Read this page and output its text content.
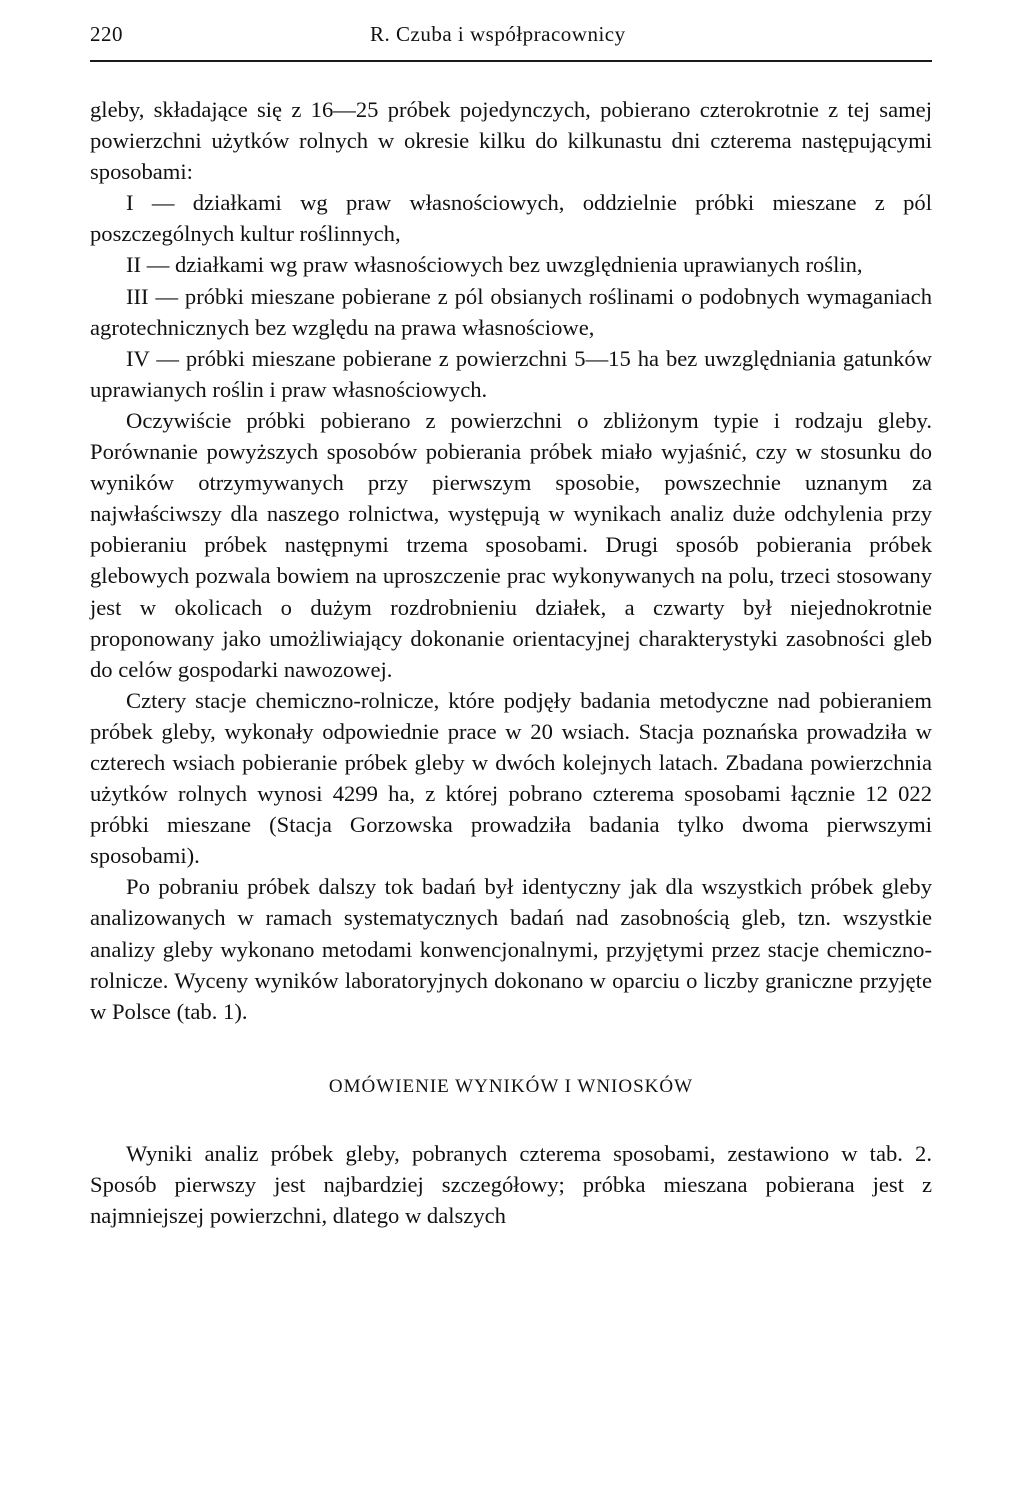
220	R. Czuba i współpracownicy

gleby, składające się z 16—25 próbek pojedynczych, pobierano czterokrotnie z tej samej powierzchni użytków rolnych w okresie kilku do kilkunastu dni czterema następującymi sposobami:

I — działkami wg praw własnościowych, oddzielnie próbki mieszane z pól poszczególnych kultur roślinnych,

II — działkami wg praw własnościowych bez uwzględnienia uprawianych roślin,

III — próbki mieszane pobierane z pól obsianych roślinami o podobnych wymaganiach agrotechnicznych bez względu na prawa własnościowe,

IV — próbki mieszane pobierane z powierzchni 5—15 ha bez uwzględniania gatunków uprawianych roślin i praw własnościowych.

Oczywiście próbki pobierano z powierzchni o zbliżonym typie i rodzaju gleby. Porównanie powyższych sposobów pobierania próbek miało wyjaśnić, czy w stosunku do wyników otrzymywanych przy pierwszym sposobie, powszechnie uznanym za najwłaściwszy dla naszego rolnictwa, występują w wynikach analiz duże odchylenia przy pobieraniu próbek następnymi trzema sposobami. Drugi sposób pobierania próbek glebowych pozwala bowiem na uproszczenie prac wykonywanych na polu, trzeci stosowany jest w okolicach o dużym rozdrobnieniu działek, a czwarty był niejednokrotnie proponowany jako umożliwiający dokonanie orientacyjnej charakterystyki zasobności gleb do celów gospodarki nawozowej.

Cztery stacje chemiczno-rolnicze, które podjęły badania metodyczne nad pobieraniem próbek gleby, wykonały odpowiednie prace w 20 wsiach. Stacja poznańska prowadziła w czterech wsiach pobieranie próbek gleby w dwóch kolejnych latach. Zbadana powierzchnia użytków rolnych wynosi 4299 ha, z której pobrano czterema sposobami łącznie 12 022 próbki mieszane (Stacja Gorzowska prowadziła badania tylko dwoma pierwszymi sposobami).

Po pobraniu próbek dalszy tok badań był identyczny jak dla wszystkich próbek gleby analizowanych w ramach systematycznych badań nad zasobnością gleb, tzn. wszystkie analizy gleby wykonano metodami konwencjonalnymi, przyjętymi przez stacje chemiczno-rolnicze. Wyceny wyników laboratoryjnych dokonano w oparciu o liczby graniczne przyjęte w Polsce (tab. 1).

OMÓWIENIE WYNIKÓW I WNIOSKÓW

Wyniki analiz próbek gleby, pobranych czterema sposobami, zestawiono w tab. 2. Sposób pierwszy jest najbardziej szczegółowy; próbka mieszana pobierana jest z najmniejszej powierzchni, dlatego w dalszych
